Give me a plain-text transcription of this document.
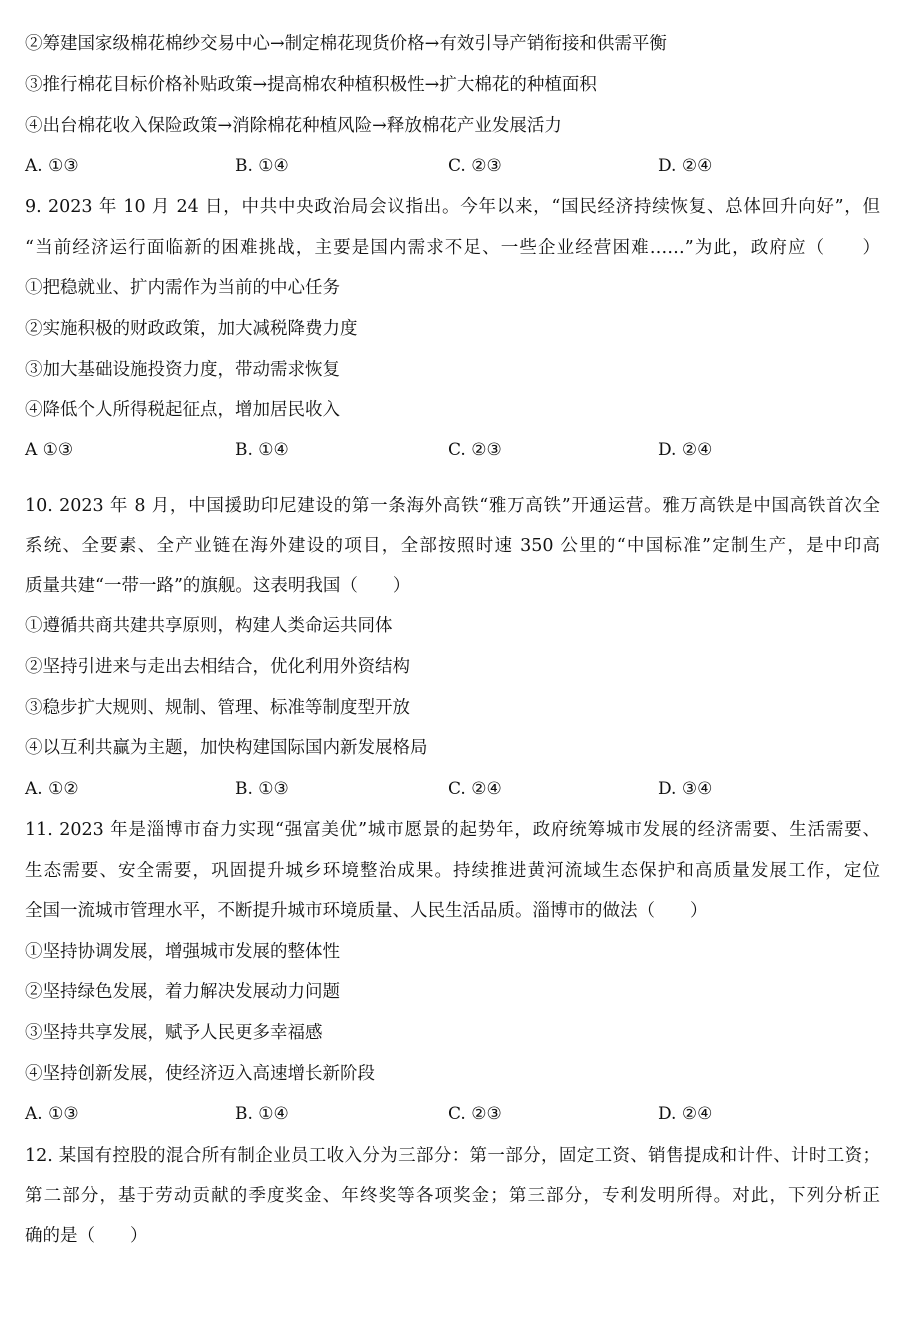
②筹建国家级棉花棉纱交易中心→制定棉花现货价格→有效引导产销衔接和供需平衡
③推行棉花目标价格补贴政策→提高棉农种植积极性→扩大棉花的种植面积
④出台棉花收入保险政策→消除棉花种植风险→释放棉花产业发展活力
A. ①③	B. ①④	C. ②③	D. ②④
9. 2023 年 10 月 24 日，中共中央政治局会议指出。今年以来，“国民经济持续恢复、总体回升向好”，但
“当前经济运行面临新的困难挑战，主要是国内需求不足、一些企业经营困难……”为此，政府应（　　）
①把稳就业、扩内需作为当前的中心任务
②实施积极的财政政策，加大减税降费力度
③加大基础设施投资力度，带动需求恢复
④降低个人所得税起征点，增加居民收入
A ①③	B. ①④	C. ②③	D. ②④
10. 2023 年 8 月，中国援助印尼建设的第一条海外高铁“雅万高铁”开通运营。雅万高铁是中国高铁首次全
系统、全要素、全产业链在海外建设的项目，全部按照时速 350 公里的“中国标准”定制生产，是中印高
质量共建“一带一路”的旗舰。这表明我国（　　）
①遵循共商共建共享原则，构建人类命运共同体
②坚持引进来与走出去相结合，优化利用外资结构
③稳步扩大规则、规制、管理、标准等制度型开放
④以互利共赢为主题，加快构建国际国内新发展格局
A. ①②	B. ①③	C. ②④	D. ③④
11. 2023 年是淄博市奋力实现“强富美优”城市愿景的起势年，政府统筹城市发展的经济需要、生活需要、
生态需要、安全需要，巩固提升城乡环境整治成果。持续推进黄河流域生态保护和高质量发展工作，定位
全国一流城市管理水平，不断提升城市环境质量、人民生活品质。淄博市的做法（　　）
①坚持协调发展，增强城市发展的整体性
②坚持绿色发展，着力解决发展动力问题
③坚持共享发展，赋予人民更多幸福感
④坚持创新发展，使经济迈入高速增长新阶段
A. ①③	B. ①④	C. ②③	D. ②④
12. 某国有控股的混合所有制企业员工收入分为三部分：第一部分，固定工资、销售提成和计件、计时工资；
第二部分，基于劳动贡献的季度奖金、年终奖等各项奖金；第三部分，专利发明所得。对此，下列分析正
确的是（　　）
